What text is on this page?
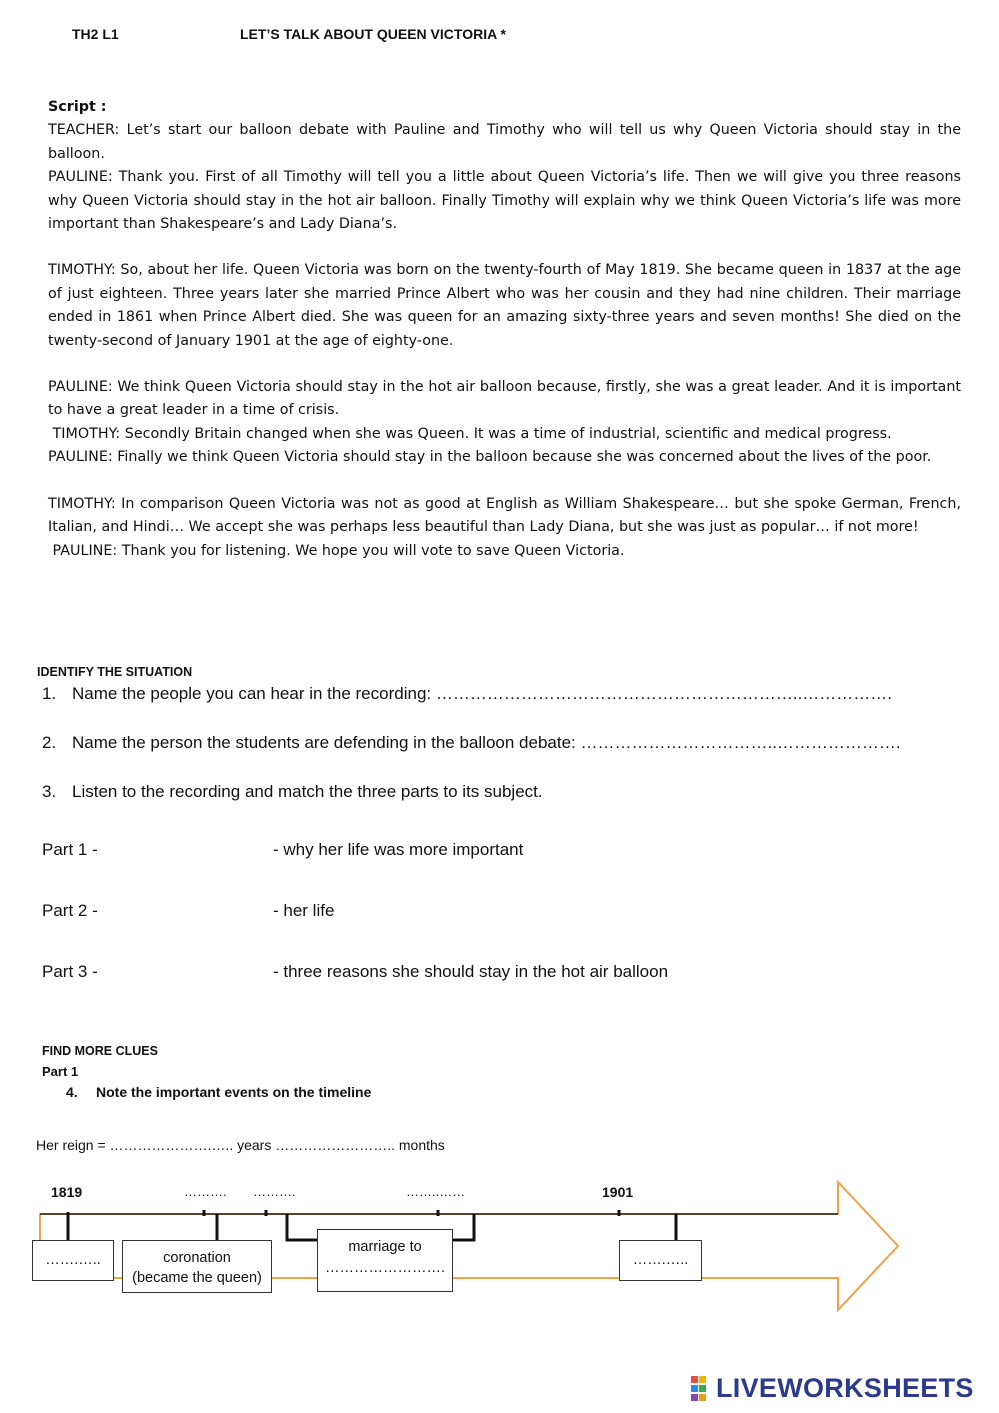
TH2 L1	LET’S TALK ABOUT QUEEN VICTORIA *

Script :

TEACHER: Let’s start our balloon debate with Pauline and Timothy who will tell us why Queen Victoria should stay in the balloon.

PAULINE: Thank you. First of all Timothy will tell you a little about Queen Victoria’s life. Then we will give you three reasons why Queen Victoria should stay in the hot air balloon. Finally Timothy will explain why we think Queen Victoria’s life was more important than Shakespeare’s and Lady Diana’s.

TIMOTHY: So, about her life. Queen Victoria was born on the twenty-fourth of May 1819. She became queen in 1837 at the age of just eighteen. Three years later she married Prince Albert who was her cousin and they had nine children. Their marriage ended in 1861 when Prince Albert died. She was queen for an amazing sixty-three years and seven months! She died on the twenty-second of January 1901 at the age of eighty-one.

PAULINE: We think Queen Victoria should stay in the hot air balloon because, firstly, she was a great leader. And it is important to have a great leader in a time of crisis.

TIMOTHY: Secondly Britain changed when she was Queen. It was a time of industrial, scientific and medical progress.

PAULINE: Finally we think Queen Victoria should stay in the balloon because she was concerned about the lives of the poor.

TIMOTHY: In comparison Queen Victoria was not as good at English as William Shakespeare… but she spoke German, French, Italian, and Hindi… We accept she was perhaps less beautiful than Lady Diana, but she was just as popular… if not more!

PAULINE: Thank you for listening. We hope you will vote to save Queen Victoria.

IDENTIFY THE SITUATION
1. Name the people you can hear in the recording: ………………………………………………………..…………….
2. Name the person the students are defending in the balloon debate: ……………………………..………………….
3. Listen to the recording and match the three parts to its subject.
Part 1 -	- why her life was more important
Part 2 -	- her life
Part 3 -	- three reasons she should stay in the hot air balloon
FIND MORE CLUES
Part 1
4. Note the important events on the timeline
Her reign = ………………….….. years …………………….. months
1819	………. ……….	……..……	1901
…….…..	coronation
(became the queen)
marriage to
…………………….	…….…..
LIVEWORKSHEETS
